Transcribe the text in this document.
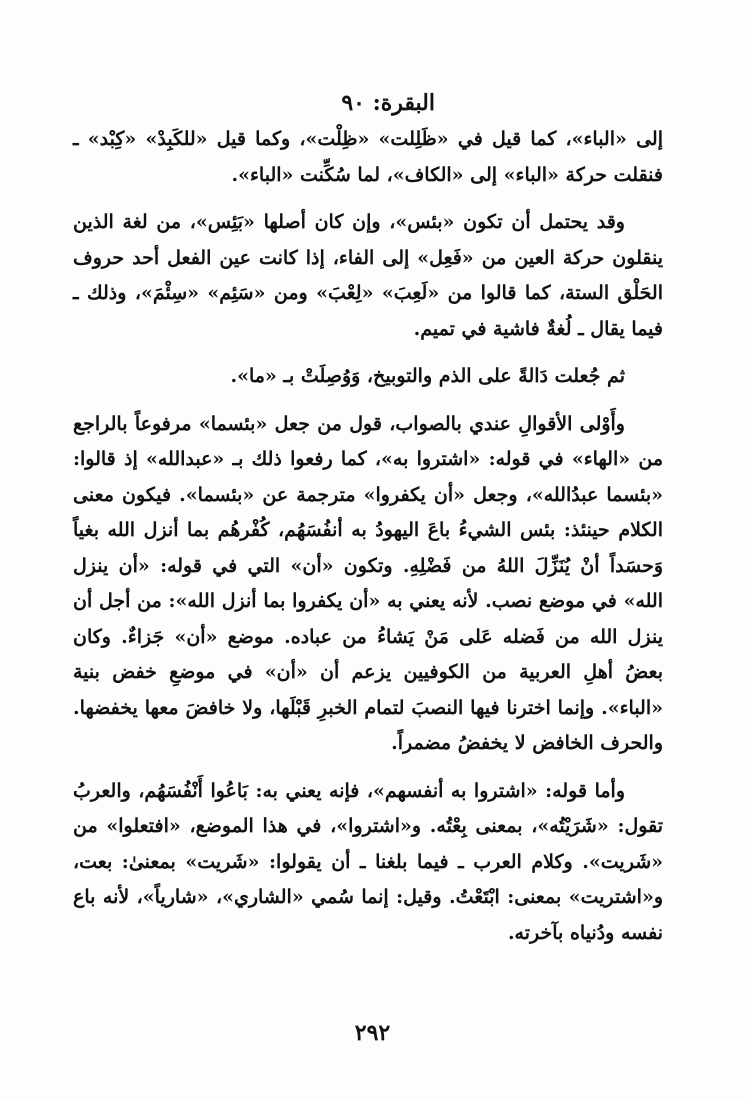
البقرة: ٩٠

إلى «الباء»، كما قيل في «ظَلِلت» «ظِلْت»، وكما قيل «للكَبِدْ» «كِبْد» ـ فنقلت حركة «الباء» إلى «الكاف»، لما سُكِّنت «الباء».

وقد يحتمل أن تكون «بئس»، وإن كان أصلها «بَئِس»، من لغة الذين ينقلون حركة العين من «فَعِل» إلى الفاء، إذا كانت عين الفعل أحد حروف الحَلْق الستة، كما قالوا من «لَعِبَ» «لِعْبَ» ومن «سَئِم» «سِئْمَ»، وذلك ـ فيما يقال ـ لُغةٌ فاشية في تميم.

ثم جُعلت دَالةً على الذم والتوبيخ، وَوُصِلَتْ بـ «ما».

وأَوْلى الأقوالِ عندي بالصواب، قول من جعل «بئسما» مرفوعاً بالراجع من «الهاء» في قوله: «اشتروا به»، كما رفعوا ذلك بـ «عبدالله» إذ قالوا: «بئسما عبدُالله»، وجعل «أن يكفروا» مترجمة عن «بئسما». فيكون معنى الكلام حينئذ: بئس الشيءُ باعَ اليهودُ به أنفُسَهُم، كُفْرهُم بما أنزل الله بغياً وَحسَداً أنْ يُنَزِّلَ اللهُ من فَضْلِهِ. وتكون «أن» التي في قوله: «أن ينزل الله» في موضع نصب. لأنه يعني به «أن يكفروا بما أنزل الله»: من أجل أن ينزل الله من فَضله عَلى مَنْ يَشاءُ من عباده. موضع «أن» جَزاءٌ. وكان بعضُ أهلِ العربية من الكوفيين يزعم أن «أن» في موضعِ خفض بنية «الباء». وإنما اخترنا فيها النصبَ لتمام الخبرِ قَبْلَها، ولا خافضَ معها يخفضها. والحرف الخافض لا يخفضُ مضمراً.

وأما قوله: «اشتروا به أنفسهم»، فإنه يعني به: بَاعُوا أَنْفُسَهُم، والعربُ تقول: «شَرَيْتُه»، بمعنى بِعْتُه. و«اشتروا»، في هذا الموضع، «افتعلوا» من «شَريت». وكلام العرب ـ فيما بلغنا ـ أن يقولوا: «شَريت» بمعنىٰ: بعت، و«اشتريت» بمعنى: ابْتَعْتُ. وقيل: إنما سُمي «الشاري»، «شارياً»، لأنه باع نفسه ودُنياه بآخرته.

٢٩٢
